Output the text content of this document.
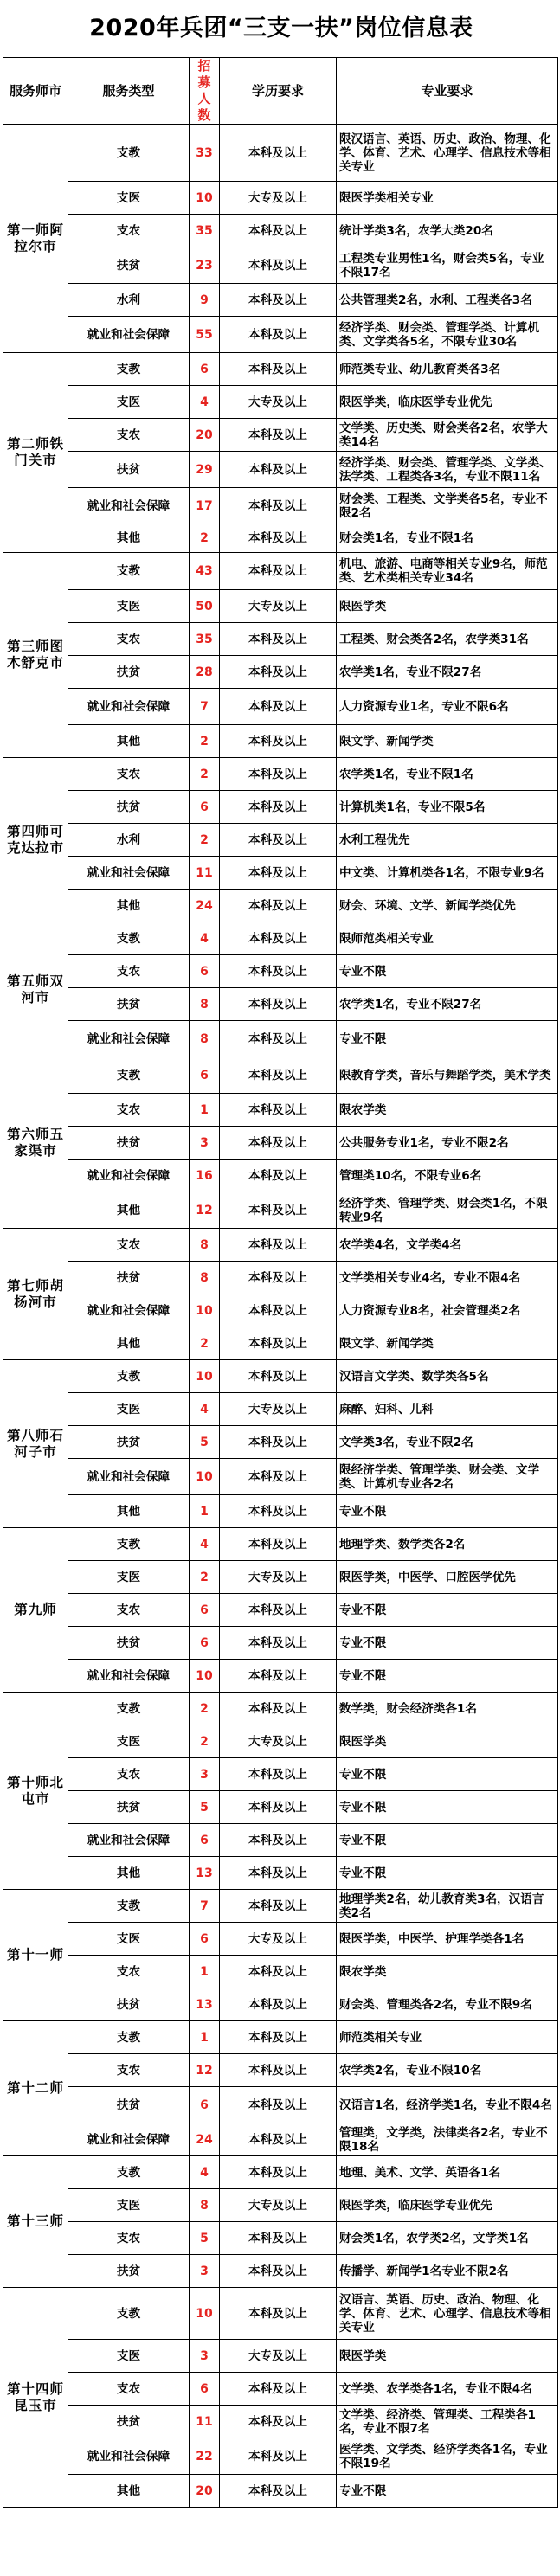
2020年兵团“三支一扶”岗位信息表
服务师市	服务类型	招募人数	学历要求	专业要求
第一师阿拉尔市	支教	33	本科及以上	限汉语言、英语、历史、政治、物理、化学、体育、艺术、心理学、信息技术等相关专业
	支医	10	大专及以上	限医学类相关专业
	支农	35	本科及以上	统计学类3名，农学大类20名
	扶贫	23	本科及以上	工程类专业男性1名，财会类5名，专业不限17名
	水利	9	本科及以上	公共管理类2名，水利、工程类各3名
	就业和社会保障	55	本科及以上	经济学类、财会类、管理学类、计算机类、文学类各5名，不限专业30名
第二师铁门关市	支教	6	本科及以上	师范类专业、幼儿教育类各3名
	支医	4	大专及以上	限医学类，临床医学专业优先
	支农	20	本科及以上	文学类、历史类、财会类各2名，农学大类14名
	扶贫	29	本科及以上	经济学类、财会类、管理学类、文学类、法学类、工程类各3名，专业不限11名
	就业和社会保障	17	本科及以上	财会类、工程类、文学类各5名，专业不限2名
	其他	2	本科及以上	财会类1名，专业不限1名
第三师图木舒克市	支教	43	本科及以上	机电、旅游、电商等相关专业9名，师范类、艺术类相关专业34名
	支医	50	大专及以上	限医学类
	支农	35	本科及以上	工程类、财会类各2名，农学类31名
	扶贫	28	本科及以上	农学类1名，专业不限27名
	就业和社会保障	7	本科及以上	人力资源专业1名，专业不限6名
	其他	2	本科及以上	限文学、新闻学类
第四师可克达拉市	支农	2	本科及以上	农学类1名，专业不限1名
	扶贫	6	本科及以上	计算机类1名，专业不限5名
	水利	2	本科及以上	水利工程优先
	就业和社会保障	11	本科及以上	中文类、计算机类各1名，不限专业9名
	其他	24	本科及以上	财会、环境、文学、新闻学类优先
第五师双河市	支教	4	本科及以上	限师范类相关专业
	支农	6	本科及以上	专业不限
	扶贫	8	本科及以上	农学类1名，专业不限27名
	就业和社会保障	8	本科及以上	专业不限
第六师五家渠市	支教	6	本科及以上	限教育学类，音乐与舞蹈学类，美术学类
	支农	1	本科及以上	限农学类
	扶贫	3	本科及以上	公共服务专业1名，专业不限2名
	就业和社会保障	16	本科及以上	管理类10名，不限专业6名
	其他	12	本科及以上	经济学类、管理学类、财会类1名，不限转业9名
第七师胡杨河市	支农	8	本科及以上	农学类4名，文学类4名
	扶贫	8	本科及以上	文学类相关专业4名，专业不限4名
	就业和社会保障	10	本科及以上	人力资源专业8名，社会管理类2名
	其他	2	本科及以上	限文学、新闻学类
第八师石河子市	支教	10	本科及以上	汉语言文学类、数学类各5名
	支医	4	大专及以上	麻醉、妇科、儿科
	扶贫	5	本科及以上	文学类3名，专业不限2名
	就业和社会保障	10	本科及以上	限经济学类、管理学类、财会类、文学类、计算机专业各2名
	其他	1	本科及以上	专业不限
第九师	支教	4	本科及以上	地理学类、数学类各2名
	支医	2	大专及以上	限医学类，中医学、口腔医学优先
	支农	6	本科及以上	专业不限
	扶贫	6	本科及以上	专业不限
	就业和社会保障	10	本科及以上	专业不限
第十师北屯市	支教	2	本科及以上	数学类，财会经济类各1名
	支医	2	大专及以上	限医学类
	支农	3	本科及以上	专业不限
	扶贫	5	本科及以上	专业不限
	就业和社会保障	6	本科及以上	专业不限
	其他	13	本科及以上	专业不限
第十一师	支教	7	本科及以上	地理学类2名，幼儿教育类3名，汉语言类2名
	支医	6	大专及以上	限医学类，中医学、护理学类各1名
	支农	1	本科及以上	限农学类
	扶贫	13	本科及以上	财会类、管理类各2名，专业不限9名
第十二师	支教	1	本科及以上	师范类相关专业
	支农	12	本科及以上	农学类2名，专业不限10名
	扶贫	6	本科及以上	汉语言1名，经济学类1名，专业不限4名
	就业和社会保障	24	本科及以上	管理类，文学类，法律类各2名，专业不限18名
第十三师	支教	4	本科及以上	地理、美术、文学、英语各1名
	支医	8	大专及以上	限医学类，临床医学专业优先
	支农	5	本科及以上	财会类1名，农学类2名，文学类1名
	扶贫	3	本科及以上	传播学、新闻学1名专业不限2名
第十四师昆玉市	支教	10	本科及以上	汉语言、英语、历史、政治、物理、化学、体育、艺术、心理学、信息技术等相关专业
	支医	3	大专及以上	限医学类
	支农	6	本科及以上	文学类、农学类各1名，专业不限4名
	扶贫	11	本科及以上	文学类、经济类、管理类、工程类各1名，专业不限7名
	就业和社会保障	22	本科及以上	医学类、文学类、经济学类各1名，专业不限19名
	其他	20	本科及以上	专业不限
